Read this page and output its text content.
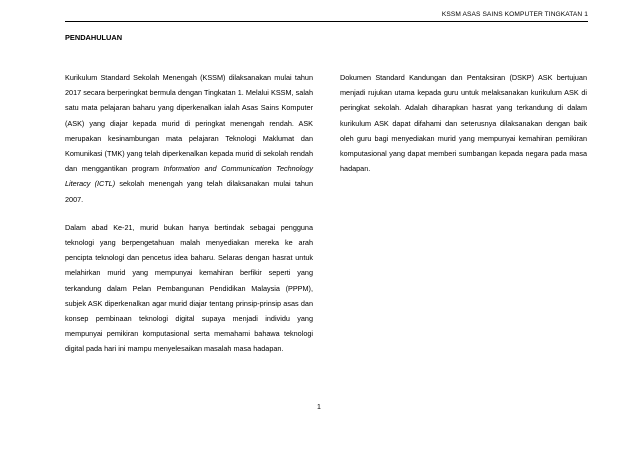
KSSM ASAS SAINS KOMPUTER TINGKATAN 1
PENDAHULUAN

Kurikulum Standard Sekolah Menengah (KSSM) dilaksanakan mulai tahun 2017 secara berperingkat bermula dengan Tingkatan 1. Melalui KSSM, salah satu mata pelajaran baharu yang diperkenalkan ialah Asas Sains Komputer (ASK) yang diajar kepada murid di peringkat menengah rendah. ASK merupakan kesinambungan mata pelajaran Teknologi Maklumat dan Komunikasi (TMK) yang telah diperkenalkan kepada murid di sekolah rendah dan menggantikan program Information and Communication Technology Literacy (ICTL) sekolah menengah yang telah dilaksanakan mulai tahun 2007.

Dalam abad Ke-21, murid bukan hanya bertindak sebagai pengguna teknologi yang berpengetahuan malah menyediakan mereka ke arah pencipta teknologi dan pencetus idea baharu. Selaras dengan hasrat untuk melahirkan murid yang mempunyai kemahiran berfikir seperti yang terkandung dalam Pelan Pembangunan Pendidikan Malaysia (PPPM), subjek ASK diperkenalkan agar murid diajar tentang prinsip-prinsip asas dan konsep pembinaan teknologi digital supaya menjadi individu yang mempunyai pemikiran komputasional serta memahami bahawa teknologi digital pada hari ini mampu menyelesaikan masalah masa hadapan.

Dokumen Standard Kandungan dan Pentaksiran (DSKP) ASK bertujuan menjadi rujukan utama kepada guru untuk melaksanakan kurikulum ASK di peringkat sekolah. Adalah diharapkan hasrat yang terkandung di dalam kurikulum ASK dapat difahami dan seterusnya dilaksanakan dengan baik oleh guru bagi menyediakan murid yang mempunyai kemahiran pemikiran komputasional yang dapat memberi sumbangan kepada negara pada masa hadapan.

1
